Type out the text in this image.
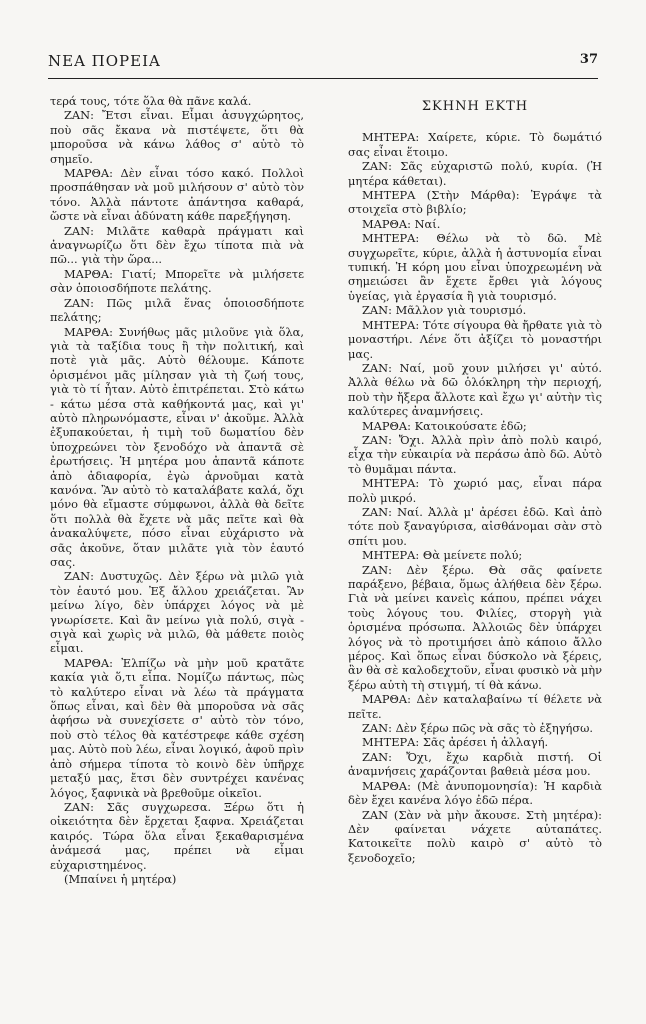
ΝΕΑ ΠΟΡΕΙΑ	37

τερά τους, τότε ὅλα θὰ πᾶνε καλά.

ΖΑΝ: Ἔτσι εἶναι. Εἶμαι ἀσυγχώρητος, ποὺ σᾶς ἔκανα νὰ πιστέψετε, ὅτι θὰ μποροῦσα νὰ κάνω λάθος σ' αὐτὸ τὸ σημεῖο.

ΜΑΡΘΑ: Δὲν εἶναι τόσο κακό. Πολλοὶ προσπάθησαν νὰ μοῦ μιλήσουν σ' αὐτὸ τὸν τόνο. Ἀλλὰ πάντοτε ἀπάντησα καθαρά, ὥστε νὰ εἶναι ἀδύνατη κάθε παρεξήγηση.

ΖΑΝ: Μιλᾶτε καθαρὰ πράγματι καὶ ἀναγνωρίζω ὅτι δὲν ἔχω τίποτα πιὰ νὰ πῶ... γιὰ τὴν ὥρα...

ΜΑΡΘΑ: Γιατί; Μπορεῖτε νὰ μιλήσετε σὰν ὁποιοσδήποτε πελάτης.

ΖΑΝ: Πῶς μιλᾶ ἕνας ὁποιοσδήποτε πελάτης;

ΜΑΡΘΑ: Συνήθως μᾶς μιλοῦνε γιὰ ὅλα, γιὰ τὰ ταξίδια τους ἢ τὴν πολιτική, καὶ ποτὲ γιὰ μᾶς. Αὐτὸ θέλουμε. Κάποτε ὁρισμένοι μᾶς μίλησαν γιὰ τὴ ζωή τους, γιὰ τὸ τί ἦταν. Αὐτὸ ἐπιτρέπεται. Στὸ κάτω - κάτω μέσα στὰ καθήκοντά μας, καὶ γι' αὐτὸ πληρωνόμαστε, εἶναι ν' ἀκοῦμε. Ἀλλὰ ἐξυπακούεται, ἡ τιμὴ τοῦ δωματίου δὲν ὑποχρεώνει τὸν ξενοδόχο νὰ ἀπαντᾶ σὲ ἐρωτήσεις. Ἡ μητέρα μου ἀπαντᾶ κάποτε ἀπὸ ἀδιαφορία, ἐγὼ ἀρνοῦμαι κατὰ κανόνα. Ἂν αὐτὸ τὸ καταλάβατε καλά, ὄχι μόνο θὰ εἴμαστε σύμφωνοι, ἀλλὰ θὰ δεῖτε ὅτι πολλὰ θὰ ἔχετε νὰ μᾶς πεῖτε καὶ θὰ ἀνακαλύψετε, πόσο εἶναι εὐχάριστο νὰ σᾶς ἀκοῦνε, ὅταν μιλᾶτε γιὰ τὸν ἑαυτό σας.

ΖΑΝ: Δυστυχῶς. Δὲν ξέρω νὰ μιλῶ γιὰ τὸν ἑαυτό μου. Ἐξ ἄλλου χρειάζεται. Ἂν μείνω λίγο, δὲν ὑπάρχει λόγος νὰ μὲ γνωρίσετε. Καὶ ἂν μείνω γιὰ πολύ, σιγὰ - σιγὰ καὶ χωρὶς νὰ μιλῶ, θὰ μάθετε ποιὸς εἶμαι.

ΜΑΡΘΑ: Ἐλπίζω νὰ μὴν μοῦ κρατᾶτε κακία γιὰ ὅ,τι εἶπα. Νομίζω πάντως, πὼς τὸ καλύτερο εἶναι νὰ λέω τὰ πράγματα ὅπως εἶναι, καὶ δὲν θὰ μποροῦσα νὰ σᾶς ἀφήσω νὰ συνεχίσετε σ' αὐτὸ τὸν τόνο, ποὺ στὸ τέλος θὰ κατέστρεφε κάθε σχέση μας. Αὐτὸ ποὺ λέω, εἶναι λογικό, ἀφοῦ πρὶν ἀπὸ σήμερα τίποτα τὸ κοινὸ δὲν ὑπῆρχε μεταξύ μας, ἔτσι δὲν συντρέχει κανένας λόγος, ξαφνικὰ νὰ βρεθοῦμε οἰκεῖοι.

ΖΑΝ: Σᾶς συγχωρεσα. Ξέρω ὅτι ἡ οἰκειότητα δὲν ἔρχεται ξαφνα. Χρειάζεται καιρός. Τώρα ὅλα εἶναι ξεκαθαρισμένα ἀνάμεσά μας, πρέπει νὰ εἶμαι εὐχαριστημένος.

(Μπαίνει ἡ μητέρα)

ΣΚΗΝΗ ΕΚΤΗ

ΜΗΤΕΡΑ: Χαίρετε, κύριε. Τὸ δωμάτιό σας εἶναι ἕτοιμο.

ΖΑΝ: Σᾶς εὐχαριστῶ πολύ, κυρία. (Ἡ μητέρα κάθεται).

ΜΗΤΕΡΑ (Στὴν Μάρθα): Ἐγράψε τὰ στοιχεῖα στὸ βιβλίο;

ΜΑΡΘΑ: Ναί.

ΜΗΤΕΡΑ: Θέλω νὰ τὸ δῶ. Μὲ συγχωρεῖτε, κύριε, ἀλλὰ ἡ ἀστυνομία εἶναι τυπική. Ἡ κόρη μου εἶναι ὑποχρεωμένη νὰ σημειώσει ἂν ἔχετε ἔρθει γιὰ λόγους ὑγείας, γιὰ ἐργασία ἢ γιὰ τουρισμό.

ΖΑΝ: Μᾶλλον γιὰ τουρισμό.

ΜΗΤΕΡΑ: Τότε σίγουρα θὰ ἤρθατε γιὰ τὸ μοναστήρι. Λένε ὅτι ἀξίζει τὸ μοναστήρι μας.

ΖΑΝ: Ναί, μοῦ χουν μιλήσει γι' αὐτό. Ἀλλὰ θέλω νὰ δῶ ὁλόκληρη τὴν περιοχή, ποὺ τὴν ἤξερα ἄλλοτε καὶ ἔχω γι' αὐτὴν τὶς καλύτερες ἀναμνήσεις.

ΜΑΡΘΑ: Κατοικούσατε ἐδῶ;

ΖΑΝ: Ὄχι. Ἀλλὰ πρὶν ἀπὸ πολὺ καιρό, εἶχα τὴν εὐκαιρία νὰ περάσω ἀπὸ δῶ. Αὐτὸ τὸ θυμᾶμαι πάντα.

ΜΗΤΕΡΑ: Τὸ χωριό μας, εἶναι πάρα πολὺ μικρό.

ΖΑΝ: Ναί. Ἀλλὰ μ' ἀρέσει ἐδῶ. Καὶ ἀπὸ τότε ποὺ ξαναγύρισα, αἰσθάνομαι σὰν στὸ σπίτι μου.

ΜΗΤΕΡΑ: Θὰ μείνετε πολύ;

ΖΑΝ: Δὲν ξέρω. Θὰ σᾶς φαίνετε παράξενο, βέβαια, ὅμως ἀλήθεια δὲν ξέρω. Γιὰ νὰ μείνει κανεὶς κάπου, πρέπει νάχει τοὺς λόγους του. Φιλίες, στοργὴ γιὰ ὁρισμένα πρόσωπα. Ἀλλοιῶς δὲν ὑπάρχει λόγος νὰ τὸ προτιμήσει ἀπὸ κάποιο ἄλλο μέρος. Καὶ ὅπως εἶναι δύσκολο νὰ ξέρεις, ἂν θὰ σὲ καλοδεχτοῦν, εἶναι φυσικὸ νὰ μὴν ξέρω αὐτὴ τὴ στιγμή, τί θὰ κάνω.

ΜΑΡΘΑ: Δὲν καταλαβαίνω τί θέλετε νὰ πεῖτε.

ΖΑΝ: Δὲν ξέρω πῶς νὰ σᾶς τὸ ἐξηγήσω.

ΜΗΤΕΡΑ: Σᾶς ἀρέσει ἡ ἀλλαγή.

ΖΑΝ: Ὄχι, ἔχω καρδιὰ πιστή. Οἱ ἀναμνήσεις χαράζονται βαθειὰ μέσα μου.

ΜΑΡΘΑ: (Μὲ ἀνυπομονησία): Ἡ καρδιὰ δὲν ἔχει κανένα λόγο ἐδῶ πέρα.

ΖΑΝ (Σὰν νὰ μὴν ἄκουσε. Στὴ μητέρα): Δὲν φαίνεται νάχετε αὐταπάτες. Κατοικεῖτε πολὺ καιρὸ σ' αὐτὸ τὸ ξενοδοχεῖο;
